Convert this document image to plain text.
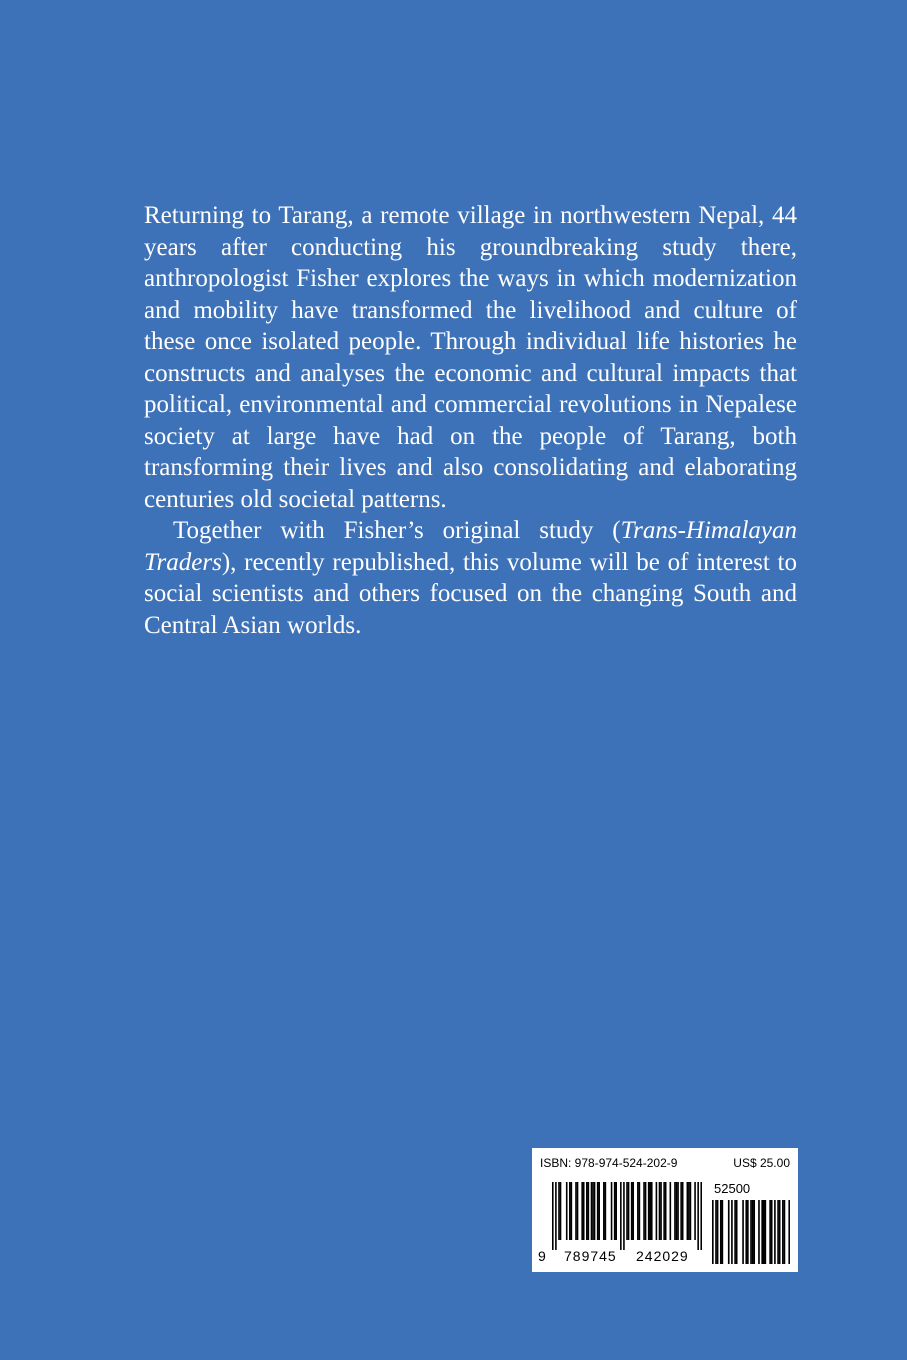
Returning to Tarang, a remote village in northwestern Nepal, 44 years after conducting his groundbreaking study there, anthropologist Fisher explores the ways in which modernization and mobility have transformed the livelihood and culture of these once isolated people. Through individual life histories he constructs and analyses the economic and cultural impacts that political, environmental and commercial revolutions in Nepalese society at large have had on the people of Tarang, both transforming their lives and also consolidating and elaborating centuries old societal patterns.

Together with Fisher’s original study (Trans-Himalayan Traders), recently republished, this volume will be of interest to social scientists and others focused on the changing South and Central Asian worlds.

ISBN: 978-974-524-202-9	US$ 25.00
52500
9 789745 242029
